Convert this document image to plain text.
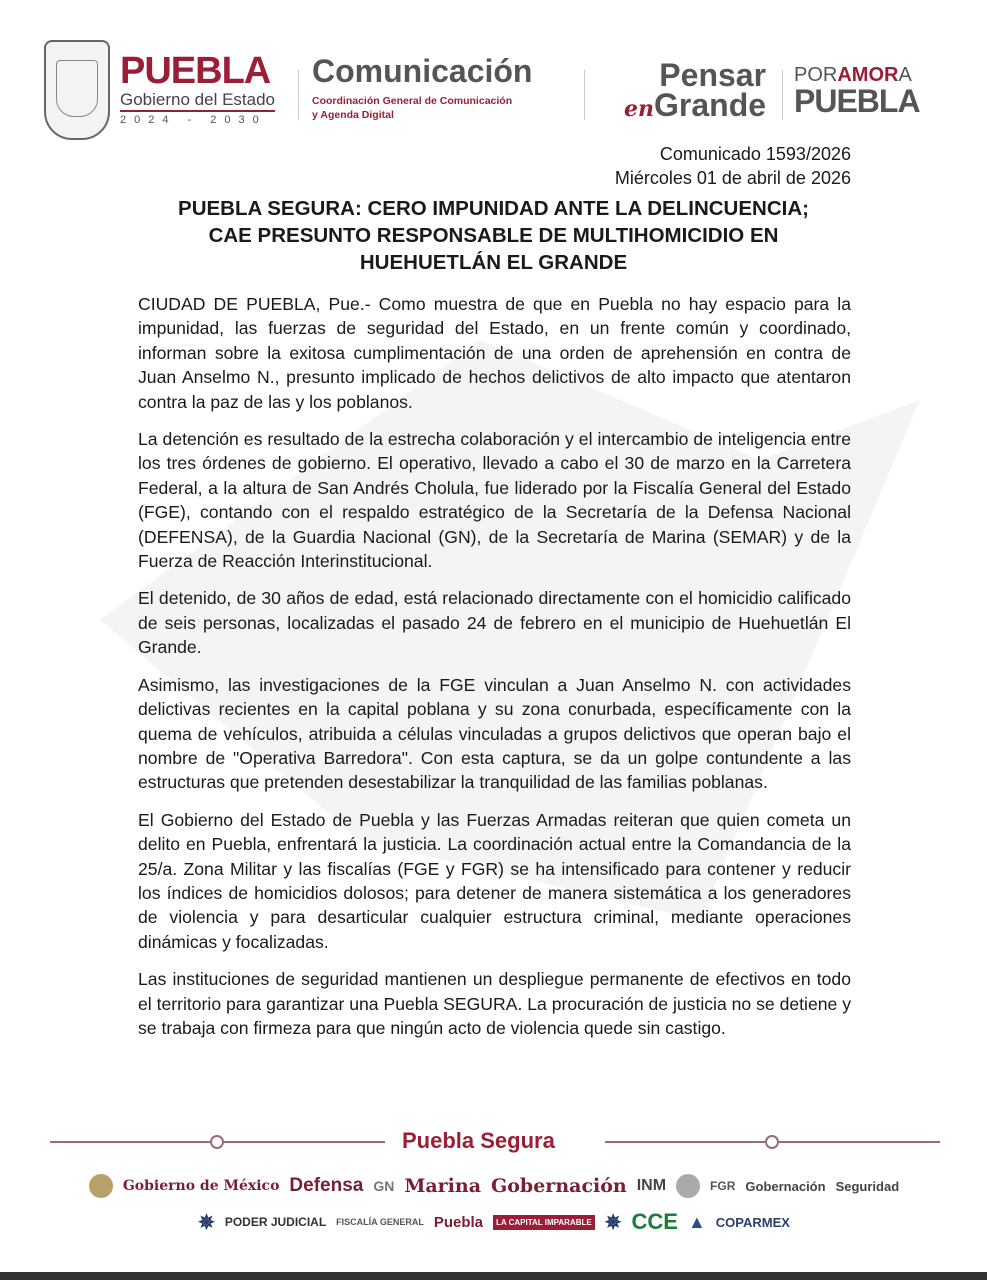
PUEBLA
Gobierno del Estado
2024 - 2030
Comunicación
Coordinación General de Comunicación
y Agenda Digital
Pensar
enGrande
PORAMORA
PUEBLA
Comunicado 1593/2026
Miércoles 01 de abril de 2026
PUEBLA SEGURA: CERO IMPUNIDAD ANTE LA DELINCUENCIA;
CAE PRESUNTO RESPONSABLE DE MULTIHOMICIDIO EN
HUEHUETLÁN EL GRANDE

CIUDAD DE PUEBLA, Pue.- Como muestra de que en Puebla no hay espacio para la impunidad, las fuerzas de seguridad del Estado, en un frente común y coordinado, informan sobre la exitosa cumplimentación de una orden de aprehensión en contra de Juan Anselmo N., presunto implicado de hechos delictivos de alto impacto que atentaron contra la paz de las y los poblanos.

La detención es resultado de la estrecha colaboración y el intercambio de inteligencia entre los tres órdenes de gobierno. El operativo, llevado a cabo el 30 de marzo en la Carretera Federal, a la altura de San Andrés Cholula, fue liderado por la Fiscalía General del Estado (FGE), contando con el respaldo estratégico de la Secretaría de la Defensa Nacional (DEFENSA), de la Guardia Nacional (GN), de la Secretaría de Marina (SEMAR) y de la Fuerza de Reacción Interinstitucional.

El detenido, de 30 años de edad, está relacionado directamente con el homicidio calificado de seis personas, localizadas el pasado 24 de febrero en el municipio de Huehuetlán El Grande.

Asimismo, las investigaciones de la FGE vinculan a Juan Anselmo N. con actividades delictivas recientes en la capital poblana y su zona conurbada, específicamente con la quema de vehículos, atribuida a células vinculadas a grupos delictivos que operan bajo el nombre de "Operativa Barredora". Con esta captura, se da un golpe contundente a las estructuras que pretenden desestabilizar la tranquilidad de las familias poblanas.

El Gobierno del Estado de Puebla y las Fuerzas Armadas reiteran que quien cometa un delito en Puebla, enfrentará la justicia. La coordinación actual entre la Comandancia de la 25/a. Zona Militar y las fiscalías (FGE y FGR) se ha intensificado para contener y reducir los índices de homicidios dolosos; para detener de manera sistemática a los generadores de violencia y para desarticular cualquier estructura criminal, mediante operaciones dinámicas y focalizadas.

Las instituciones de seguridad mantienen un despliegue permanente de efectivos en todo el territorio para garantizar una Puebla SEGURA. La procuración de justicia no se detiene y se trabaja con firmeza para que ningún acto de violencia quede sin castigo.

Puebla Segura
Gobierno de México Defensa GN Marina Gobernación INM	FGR Gobernación Seguridad
✵ PODER JUDICIAL FISCALÍA GENERAL Puebla	LA CAPITAL IMPARABLE ✵ CCE ▲ COPARMEX
